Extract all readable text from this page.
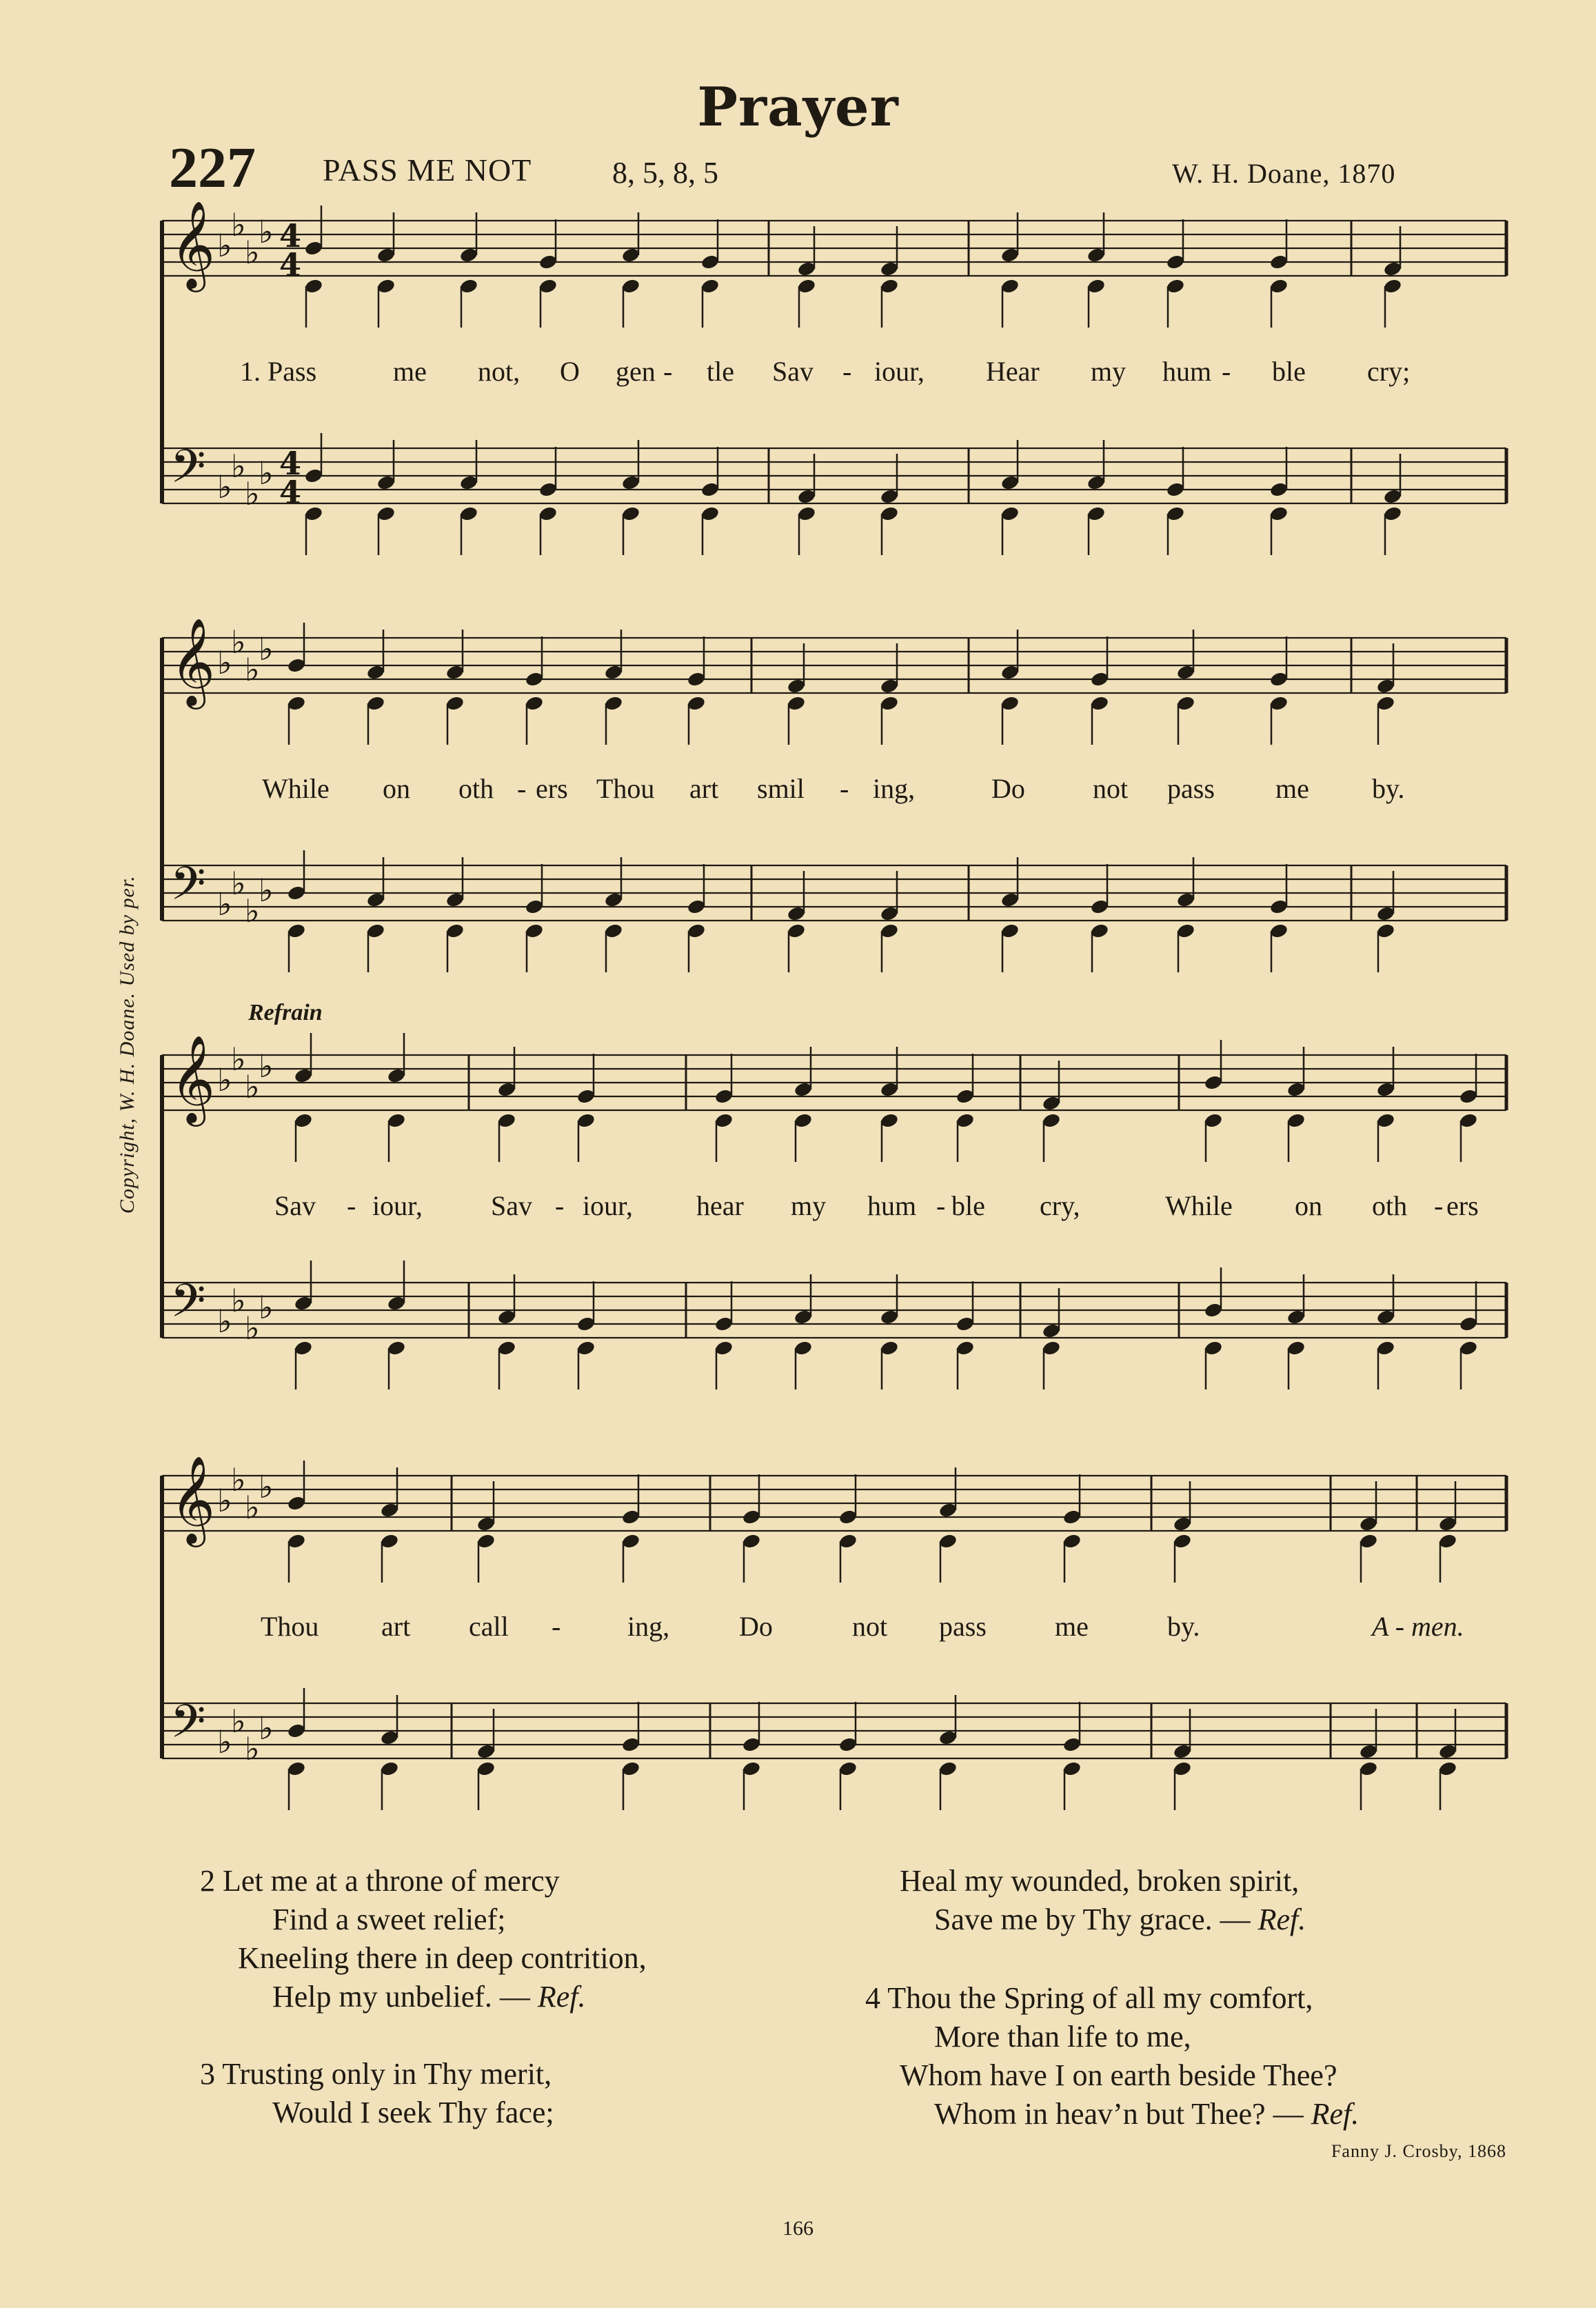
Prayer
227 PASS ME NOT	8, 5, 8, 5	W. H. Doane, 1870
Copyright, W. H. Doane. Used by per.	Refrain
𝄞 ♭
♭
♭
♭ 4
4
𝄢 ♭
♭
♭
♭ 4
4
𝄞 ♭
♭
♭
♭
𝄢 ♭
♭
♭
♭
𝄞 ♭
♭
♭
♭
𝄢 ♭
♭
♭
♭
𝄞 ♭
♭
♭
♭
𝄢 ♭
♭
♭
♭
1. Pass	me not, O gen - tle Sav - iour, Hear my hum - ble cry;
While on oth - ers Thou art smil - ing,	Do not pass me by.
Sav - iour, Sav - iour, hear my hum - ble cry,	While on oth - ers
Thou art call - ing,	Do	not pass me	by.	A - men.
2 Let me at a throne of mercy
Find a sweet relief;
Kneeling there in deep contrition,
Help my unbelief. — Ref.
3 Trusting only in Thy merit,
Would I seek Thy face;
Heal my wounded, broken spirit,
Save me by Thy grace. — Ref.
4 Thou the Spring of all my comfort,
More than life to me,
Whom have I on earth beside Thee?
Whom in heav’n but Thee? — Ref.
Fanny J. Crosby, 1868
166
